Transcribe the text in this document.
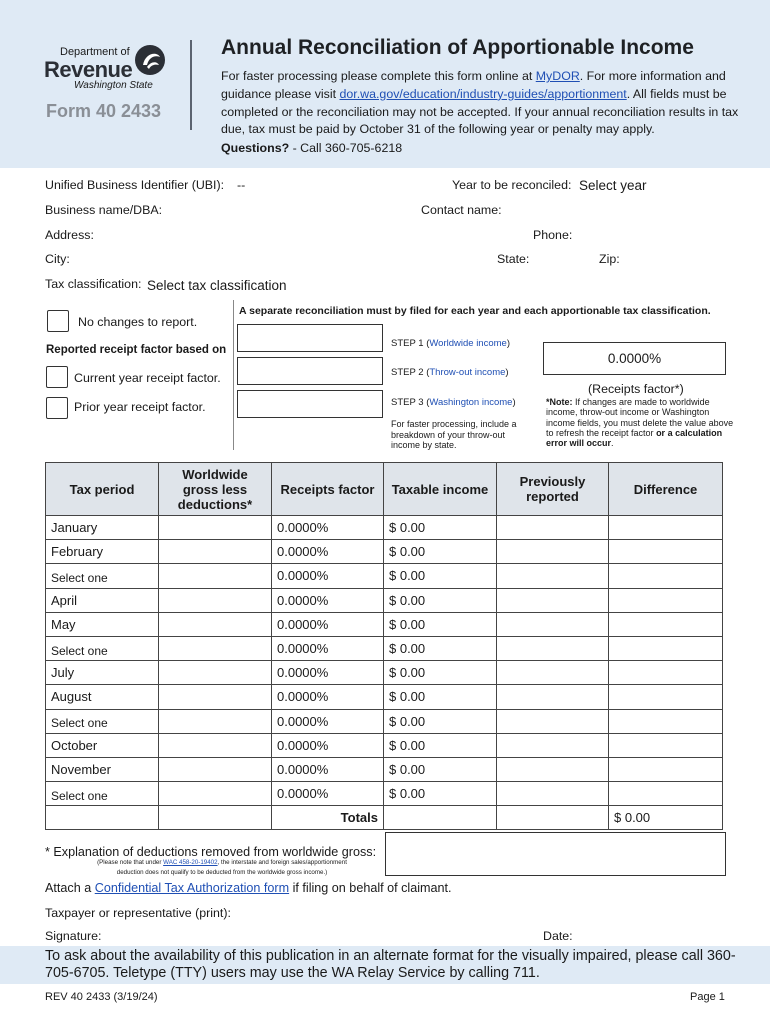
Department of
Revenue
Washington State
Form 40 2433
Annual Reconciliation of Apportionable Income
For faster processing please complete this form online at MyDOR. For more information and guidance please visit dor.wa.gov/education/industry-guides/apportionment. All fields must be completed or the reconciliation may not be accepted. If your annual reconciliation results in tax due, tax must be paid by October 31 of the following year or penalty may apply.
Questions? - Call 360-705-6218
Unified Business Identifier (UBI): --	Year to be reconciled: Select year
Business name/DBA:	Contact name:
Address:	Phone:
City:	State:	Zip:
Tax classification: Select tax classification
No changes to report.
Reported receipt factor based on
Current year receipt factor.
Prior year receipt factor.
A separate reconciliation must by filed for each year and each apportionable tax classification.
STEP 1 (Worldwide income)
STEP 2 (Throw-out income)
STEP 3 (Washington income)
For faster processing, include a breakdown of your throw-out income by state.
0.0000%
(Receipts factor*)
*Note: If changes are made to worldwide income, throw-out income or Washington income fields, you must delete the value above to refresh the receipt factor or a calculation error will occur.
Tax period	Worldwide gross less deductions*	Receipts factor	Taxable income	Previously reported	Difference
January		0.0000%	$ 0.00		
February		0.0000%	$ 0.00		
Select one		0.0000%	$ 0.00		
April		0.0000%	$ 0.00		
May		0.0000%	$ 0.00		
Select one		0.0000%	$ 0.00		
July		0.0000%	$ 0.00		
August		0.0000%	$ 0.00		
Select one		0.0000%	$ 0.00		
October		0.0000%	$ 0.00		
November		0.0000%	$ 0.00		
Select one		0.0000%	$ 0.00		
		Totals			$ 0.00
* Explanation of deductions removed from worldwide gross:
(Please note that under WAC 458-20-19402, the interstate and foreign sales/apportionment
deduction does not qualify to be deducted from the worldwide gross income.)
Attach a Confidential Tax Authorization form if filing on behalf of claimant.
Taxpayer or representative (print):
Signature:	Date:
To ask about the availability of this publication in an alternate format for the visually impaired, please call 360-705-6705. Teletype (TTY) users may use the WA Relay Service by calling 711.
REV 40 2433 (3/19/24)	Page 1
